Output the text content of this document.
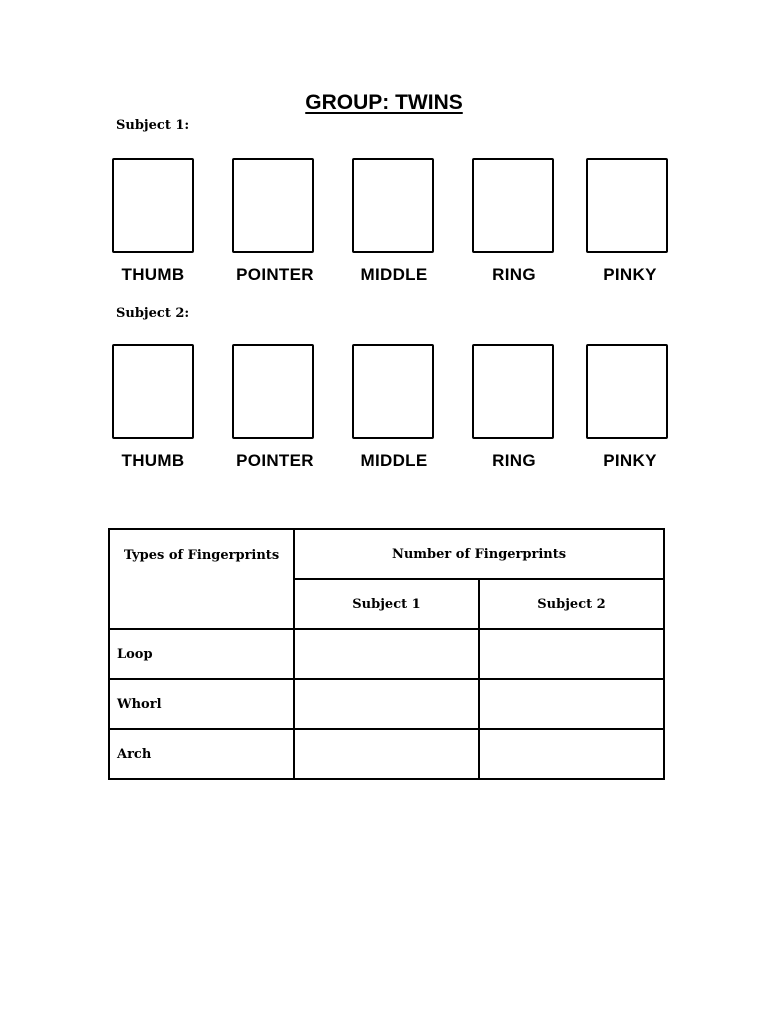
GROUP: TWINS
Subject 1:
THUMB	POINTER	MIDDLE	RING	PINKY
Subject 2:
THUMB	POINTER	MIDDLE	RING	PINKY
Types of Fingerprints	Number of Fingerprints	
	Subject 1	Subject 2
Loop		
Whorl		
Arch		
